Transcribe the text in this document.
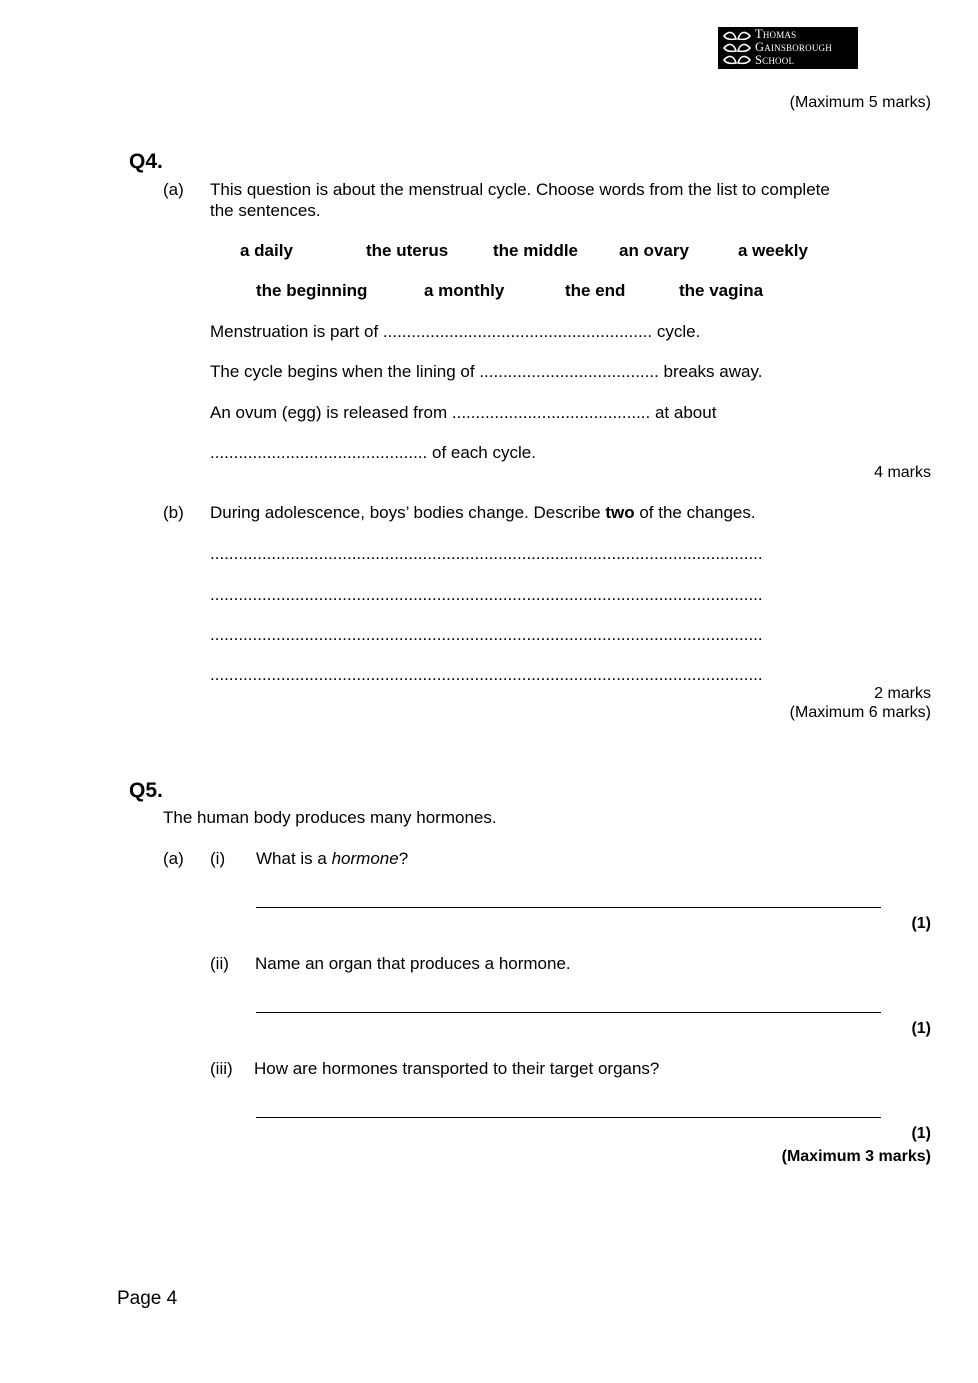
Thomas
Gainsborough
School
(Maximum 5 marks)
Q4.
(a) This question is about the menstrual cycle. Choose words from the list to complete
the sentences.
a daily	the uterus	the middle an ovary	a weekly
the beginning	a monthly	the end	the vagina
Menstruation is part of ......................................................... cycle.
The cycle begins when the lining of ...................................... breaks away.
An ovum (egg) is released from .......................................... at about
.............................................. of each cycle.
4 marks
(b) During adolescence, boys’ bodies change. Describe two of the changes.
.....................................................................................................................
.....................................................................................................................
.....................................................................................................................
.....................................................................................................................
2 marks
(Maximum 6 marks)
Q5.
The human body produces many hormones.
(a) (i) What is a hormone?
(1)
(ii) Name an organ that produces a hormone.
(1)
(iii) How are hormones transported to their target organs?
(1)
(Maximum 3 marks)
Page 4
